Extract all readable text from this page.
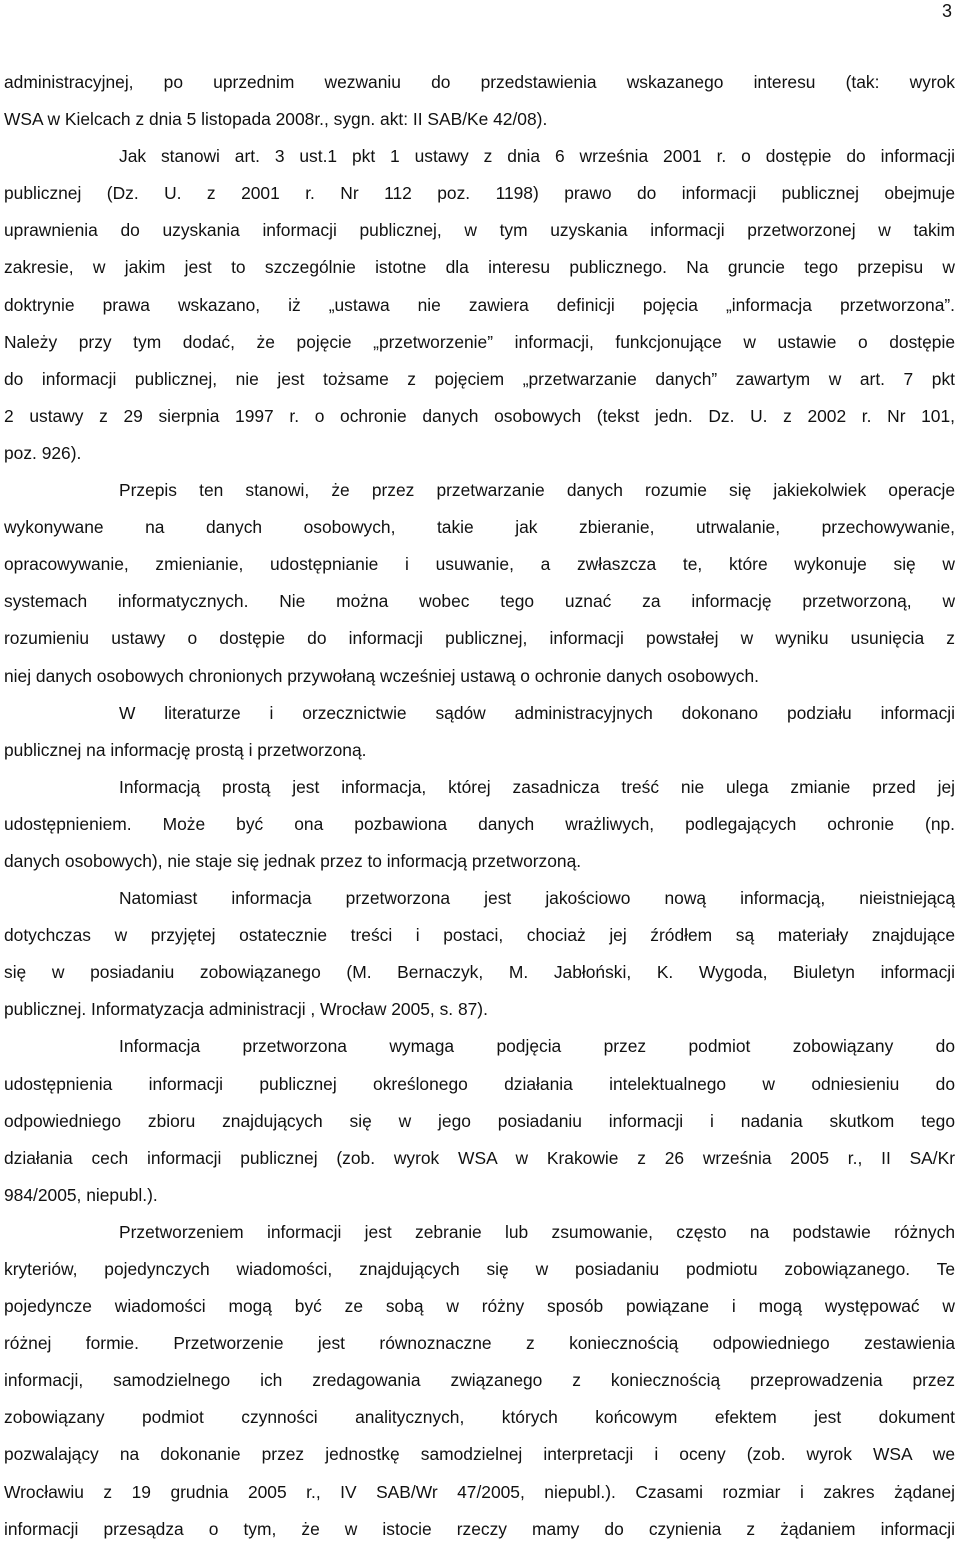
3
administracyjnej, po uprzednim wezwaniu do przedstawienia wskazanego interesu (tak: wyrok
WSA w Kielcach z dnia 5 listopada 2008r., sygn. akt: II SAB/Ke 42/08).
Jak stanowi art. 3 ust.1 pkt 1 ustawy z dnia 6 września 2001 r. o dostępie do informacji
publicznej (Dz. U. z 2001 r. Nr 112 poz. 1198) prawo do informacji publicznej obejmuje
uprawnienia do uzyskania informacji publicznej, w tym uzyskania informacji przetworzonej w takim
zakresie, w jakim jest to szczególnie istotne dla interesu publicznego. Na gruncie tego przepisu w
doktrynie prawa wskazano, iż „ustawa nie zawiera definicji pojęcia „informacja przetworzona”.
Należy przy tym dodać, że pojęcie „przetworzenie” informacji, funkcjonujące w ustawie o dostępie
do informacji publicznej, nie jest tożsame z pojęciem „przetwarzanie danych” zawartym w art. 7 pkt
2 ustawy z 29 sierpnia 1997 r. o ochronie danych osobowych (tekst jedn. Dz. U. z 2002 r. Nr 101,
poz. 926).
Przepis ten stanowi, że przez przetwarzanie danych rozumie się jakiekolwiek operacje
wykonywane na danych osobowych, takie jak zbieranie, utrwalanie, przechowywanie,
opracowywanie, zmienianie, udostępnianie i usuwanie, a zwłaszcza te, które wykonuje się w
systemach informatycznych. Nie można wobec tego uznać za informację przetworzoną, w
rozumieniu ustawy o dostępie do informacji publicznej, informacji powstałej w wyniku usunięcia z
niej danych osobowych chronionych przywołaną wcześniej ustawą o ochronie danych osobowych.
W literaturze i orzecznictwie sądów administracyjnych dokonano podziału informacji
publicznej na informację prostą i przetworzoną.
Informacją prostą jest informacja, której zasadnicza treść nie ulega zmianie przed jej
udostępnieniem. Może być ona pozbawiona danych wrażliwych, podlegających ochronie (np.
danych osobowych), nie staje się jednak przez to informacją przetworzoną.
Natomiast informacja przetworzona jest jakościowo nową informacją, nieistniejącą
dotychczas w przyjętej ostatecznie treści i postaci, chociaż jej źródłem są materiały znajdujące
się w posiadaniu zobowiązanego (M. Bernaczyk, M. Jabłoński, K. Wygoda, Biuletyn informacji
publicznej. Informatyzacja administracji , Wrocław 2005, s. 87).
Informacja przetworzona wymaga podjęcia przez podmiot zobowiązany do
udostępnienia informacji publicznej określonego działania intelektualnego w odniesieniu do
odpowiedniego zbioru znajdujących się w jego posiadaniu informacji i nadania skutkom tego
działania cech informacji publicznej (zob. wyrok WSA w Krakowie z 26 września 2005 r., II SA/Kr
984/2005, niepubl.).
Przetworzeniem informacji jest zebranie lub zsumowanie, często na podstawie różnych
kryteriów, pojedynczych wiadomości, znajdujących się w posiadaniu podmiotu zobowiązanego. Te
pojedyncze wiadomości mogą być ze sobą w różny sposób powiązane i mogą występować w
różnej formie. Przetworzenie jest równoznaczne z koniecznością odpowiedniego zestawienia
informacji, samodzielnego ich zredagowania związanego z koniecznością przeprowadzenia przez
zobowiązany podmiot czynności analitycznych, których końcowym efektem jest dokument
pozwalający na dokonanie przez jednostkę samodzielnej interpretacji i oceny (zob. wyrok WSA we
Wrocławiu z 19 grudnia 2005 r., IV SAB/Wr 47/2005, niepubl.). Czasami rozmiar i zakres żądanej
informacji przesądza o tym, że w istocie rzeczy mamy do czynienia z żądaniem informacji
